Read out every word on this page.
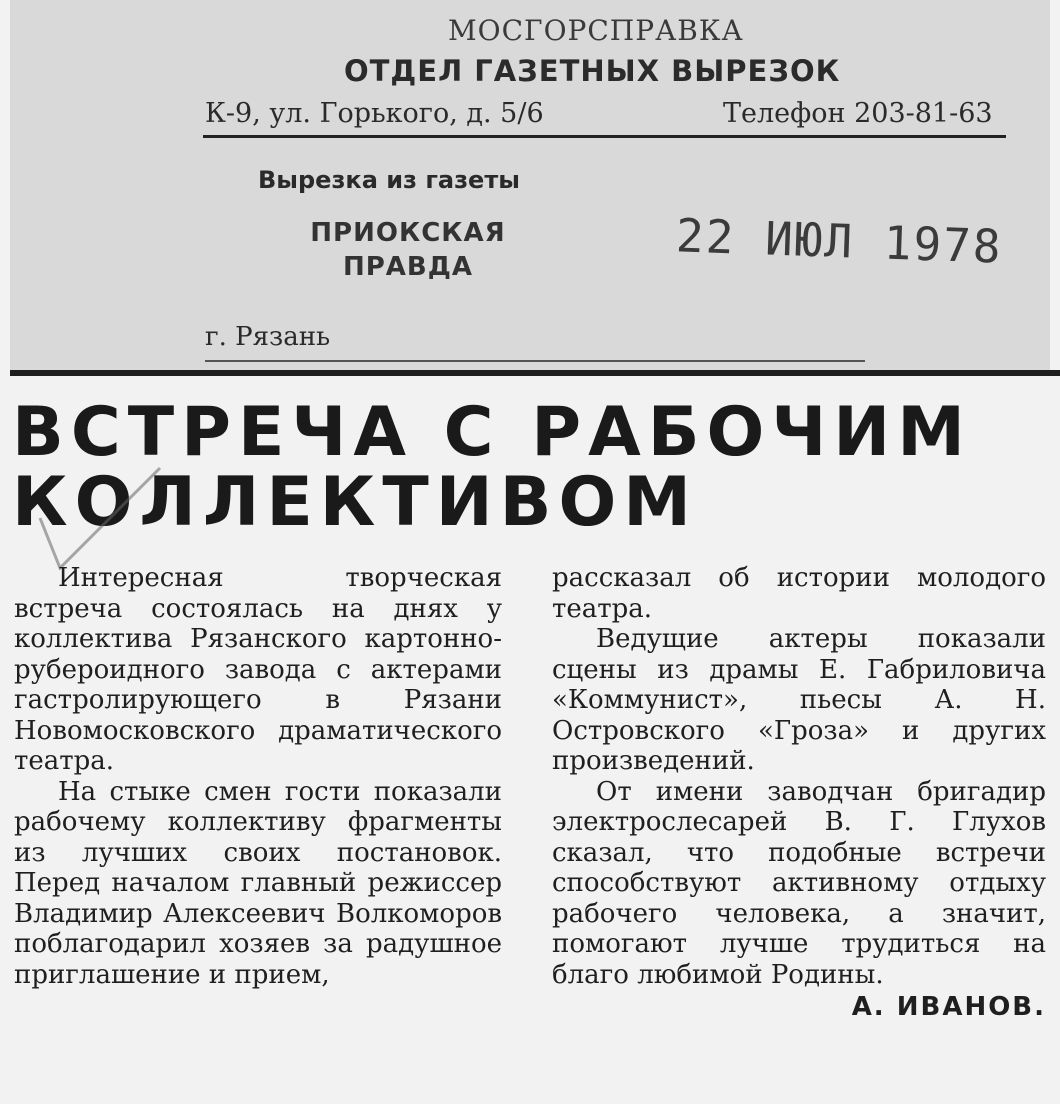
МОСГОРСПРАВКА
ОТДЕЛ ГАЗЕТНЫХ ВЫРЕЗОК
К-9, ул. Горького, д. 5/6	Телефон 203-81-63
Вырезка из газеты
ПРИОКСКАЯ ПРАВДА	22 ИЮЛ 1978
г. Рязань
ВСТРЕЧА С РАБОЧИМ КОЛЛЕКТИВОМ

Интересная творческая встреча состоялась на днях у коллектива Рязанского картонно-рубероидного завода с актерами гастролирующего в Рязани Новомосковского драматического театра.

На стыке смен гости показали рабочему коллективу фрагменты из лучших своих постановок. Перед началом главный режиссер Владимир Алексеевич Волкоморов поблагодарил хозяев за радушное приглашение и прием,

рассказал об истории молодого театра.

Ведущие актеры показали сцены из драмы Е. Габриловича «Коммунист», пьесы А. Н. Островского «Гроза» и других произведений.

От имени заводчан бригадир электрослесарей В. Г. Глухов сказал, что подобные встречи способствуют активному отдыху рабочего человека, а значит, помогают лучше трудиться на благо любимой Родины.

А. ИВАНОВ.
